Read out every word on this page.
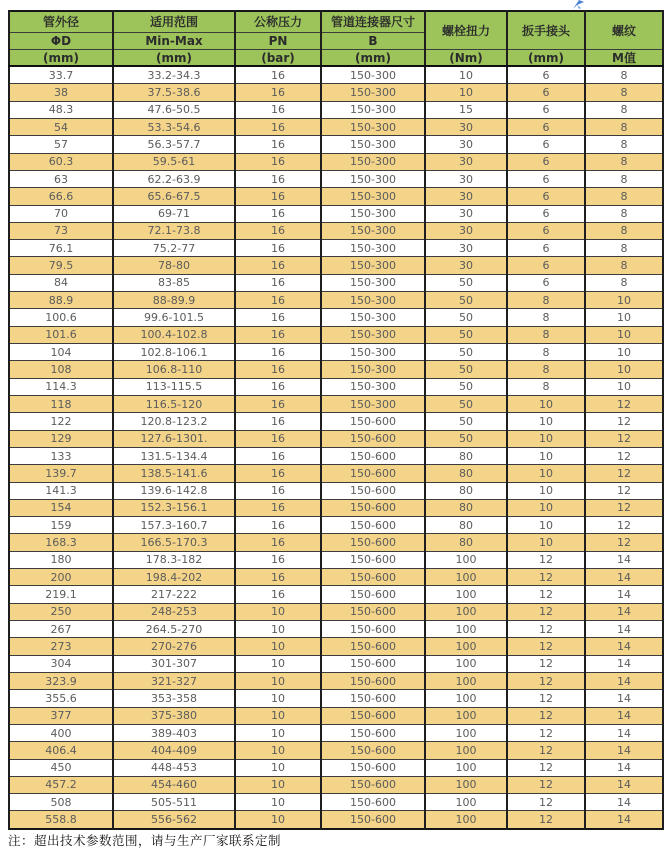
管外径	适用范围	公称压力	管道连接器尺寸	螺栓扭力	扳手接头	螺纹
ΦD	Min-Max	PN	B			
(mm)	(mm)	(bar)	(mm)	(Nm)	(mm)	M值
33.7	33.2-34.3	16	150-300	10	6	8
38	37.5-38.6	16	150-300	10	6	8
48.3	47.6-50.5	16	150-300	15	6	8
54	53.3-54.6	16	150-300	30	6	8
57	56.3-57.7	16	150-300	30	6	8
60.3	59.5-61	16	150-300	30	6	8
63	62.2-63.9	16	150-300	30	6	8
66.6	65.6-67.5	16	150-300	30	6	8
70	69-71	16	150-300	30	6	8
73	72.1-73.8	16	150-300	30	6	8
76.1	75.2-77	16	150-300	30	6	8
79.5	78-80	16	150-300	30	6	8
84	83-85	16	150-300	50	6	8
88.9	88-89.9	16	150-300	50	8	10
100.6	99.6-101.5	16	150-300	50	8	10
101.6	100.4-102.8	16	150-300	50	8	10
104	102.8-106.1	16	150-300	50	8	10
108	106.8-110	16	150-300	50	8	10
114.3	113-115.5	16	150-300	50	8	10
118	116.5-120	16	150-300	50	10	12
122	120.8-123.2	16	150-600	50	10	12
129	127.6-1301.	16	150-600	50	10	12
133	131.5-134.4	16	150-600	80	10	12
139.7	138.5-141.6	16	150-600	80	10	12
141.3	139.6-142.8	16	150-600	80	10	12
154	152.3-156.1	16	150-600	80	10	12
159	157.3-160.7	16	150-600	80	10	12
168.3	166.5-170.3	16	150-600	80	10	12
180	178.3-182	16	150-600	100	12	14
200	198.4-202	16	150-600	100	12	14
219.1	217-222	16	150-600	100	12	14
250	248-253	10	150-600	100	12	14
267	264.5-270	10	150-600	100	12	14
273	270-276	10	150-600	100	12	14
304	301-307	10	150-600	100	12	14
323.9	321-327	10	150-600	100	12	14
355.6	353-358	10	150-600	100	12	14
377	375-380	10	150-600	100	12	14
400	389-403	10	150-600	100	12	14
406.4	404-409	10	150-600	100	12	14
450	448-453	10	150-600	100	12	14
457.2	454-460	10	150-600	100	12	14
508	505-511	10	150-600	100	12	14
558.8	556-562	10	150-600	100	12	14
注：超出技术参数范围，请与生产厂家联系定制
